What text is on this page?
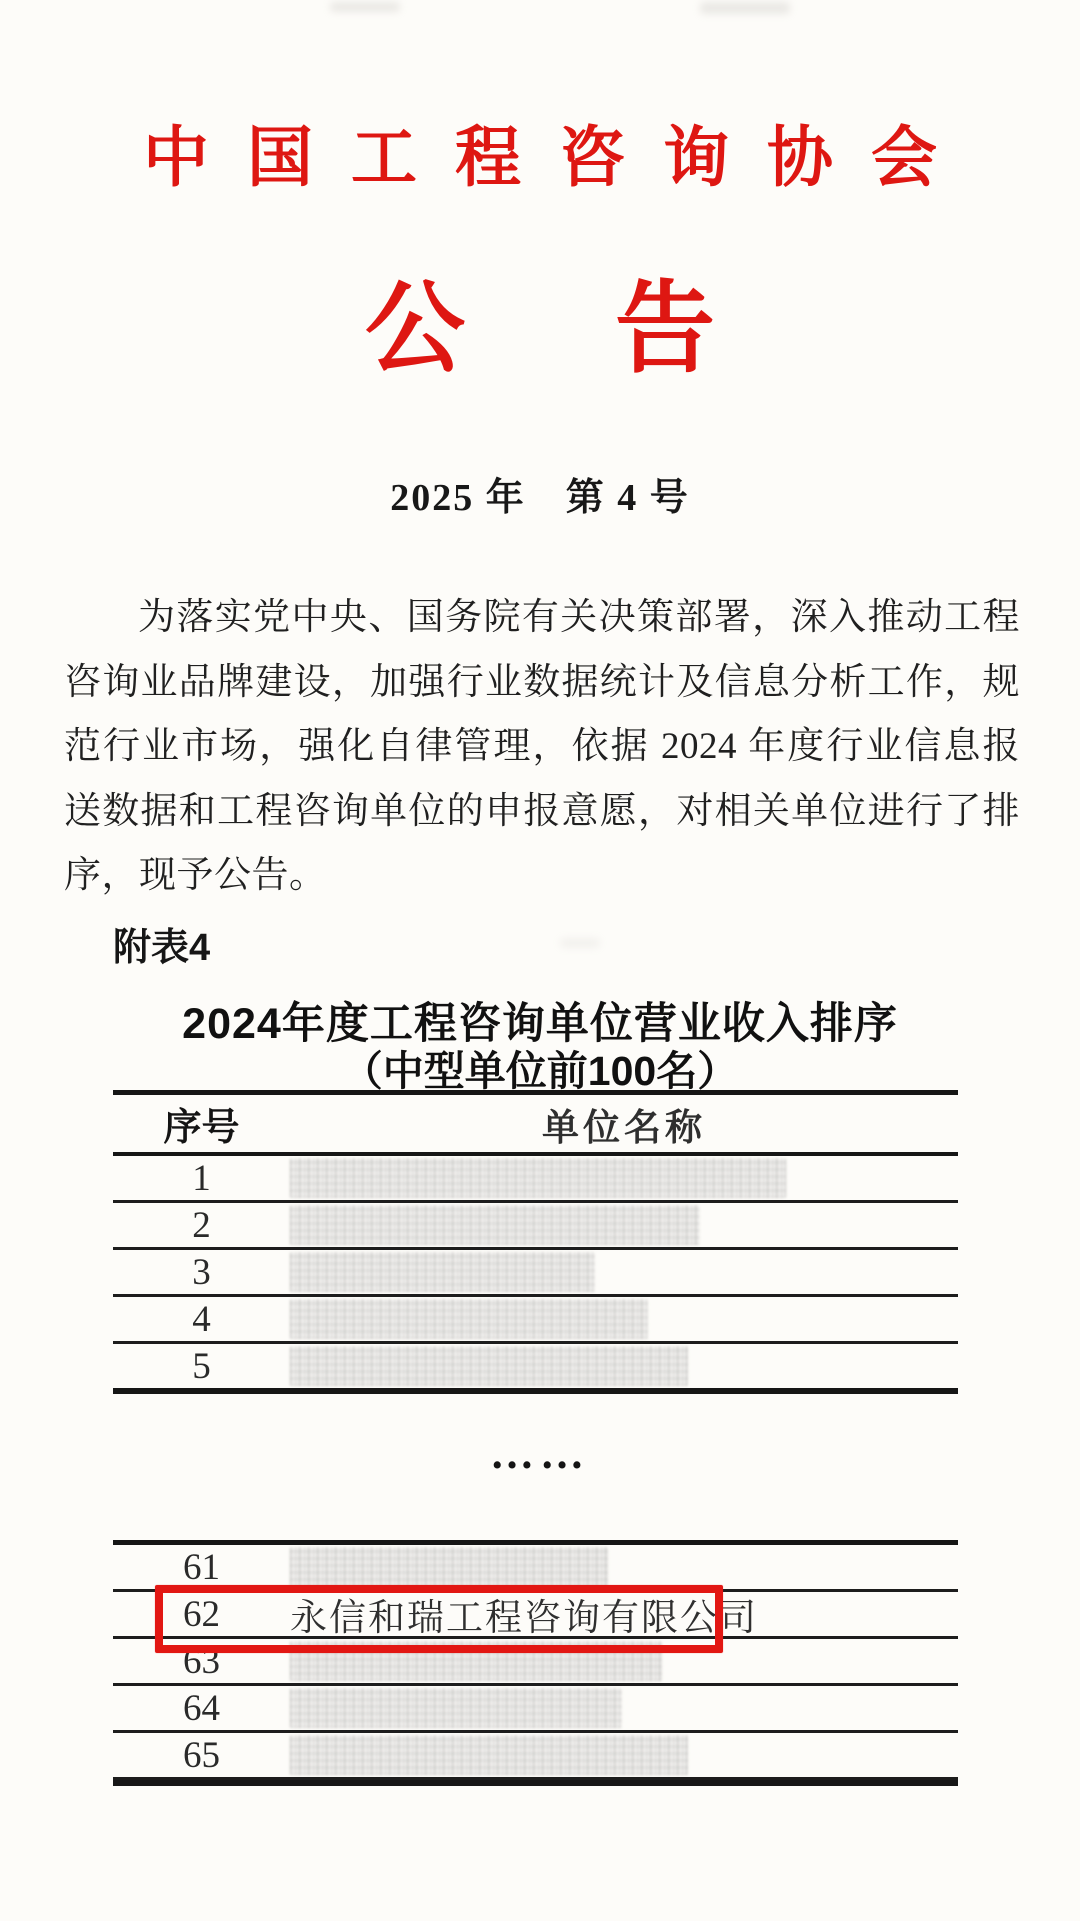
中国工程咨询协会
公告
2025 年　第 4 号

为落实党中央、国务院有关决策部署，深入推动工程咨询业品牌建设，加强行业数据统计及信息分析工作，规范行业市场，强化自律管理，依据 2024 年度行业信息报送数据和工程咨询单位的申报意愿，对相关单位进行了排序，现予公告。

附表4
2024年度工程咨询单位营业收入排序
（中型单位前100名）
序号	单位名称
1
2
3
4
5
……
61
62	永信和瑞工程咨询有限公司
63
64
65
